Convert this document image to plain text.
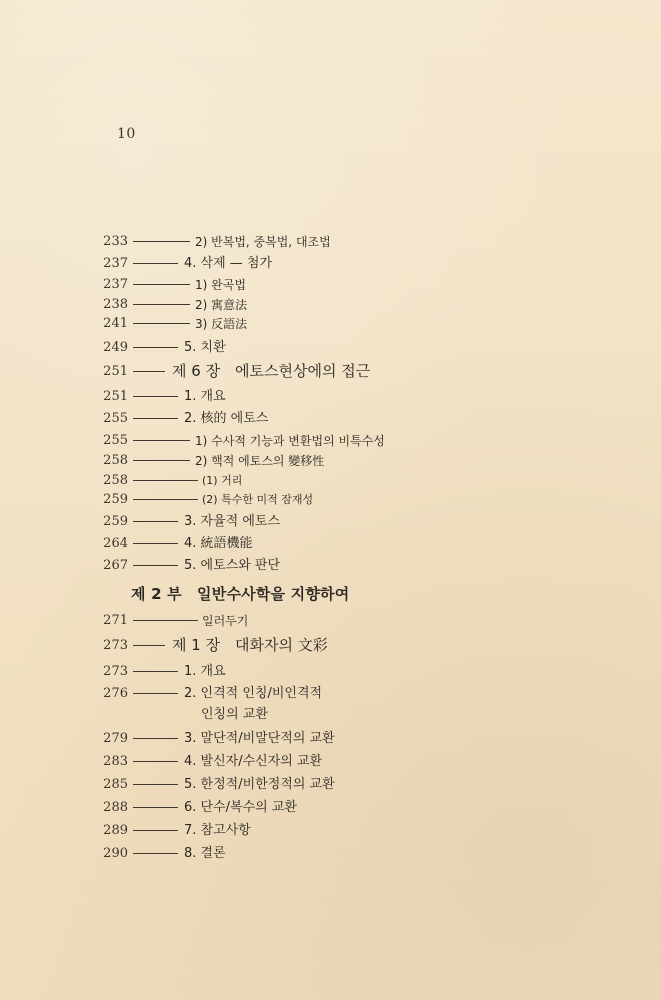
10
233	2) 반복법, 중복법, 대조법
237	4. 삭제 — 첨가
237	1) 완곡법
238	2) 寓意法
241	3) 反語法
249	5. 치환
251	제 6 장　에토스현상에의 접근
251	1. 개요
255	2. 核的 에토스
255	1) 수사적 기능과 변환법의 비특수성
258	2) 핵적 에토스의 變移性
258	(1) 거리
259	(2) 특수한 미적 잠재성
259	3. 자율적 에토스
264	4. 統語機能
267	5. 에토스와 판단
제 2 부　일반수사학을 지향하여
271	일러두기
273	제 1 장　대화자의 文彩
273	1. 개요
276	2. 인격적 인칭/비인격적
인칭의 교환
279	3. 말단적/비말단적의 교환
283	4. 발신자/수신자의 교환
285	5. 한정적/비한정적의 교환
288	6. 단수/복수의 교환
289	7. 참고사항
290	8. 결론
